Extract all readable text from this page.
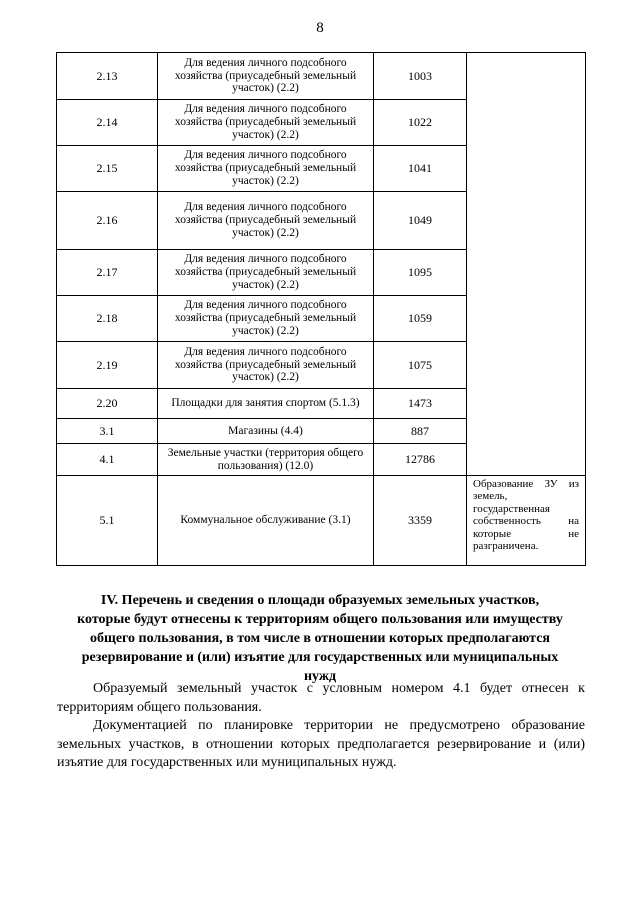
8
2.13	Для ведения личного подсобного хозяйства (приусадебный земельный участок) (2.2)	1003	
2.14	Для ведения личного подсобного хозяйства (приусадебный земельный участок) (2.2)	1022	
2.15	Для ведения личного подсобного хозяйства (приусадебный земельный участок) (2.2)	1041	
2.16	Для ведения личного подсобного хозяйства (приусадебный земельный участок) (2.2)	1049	
2.17	Для ведения личного подсобного хозяйства (приусадебный земельный участок) (2.2)	1095	
2.18	Для ведения личного подсобного хозяйства (приусадебный земельный участок) (2.2)	1059	
2.19	Для ведения личного подсобного хозяйства (приусадебный земельный участок) (2.2)	1075	
2.20	Площадки для занятия спортом (5.1.3)	1473	
3.1	Магазины (4.4)	887	
4.1	Земельные участки (территория общего пользования) (12.0)	12786	
5.1	Коммунальное обслуживание (3.1)	3359	Образование ЗУ из земель, государственная собственность на которые не разграничена.
IV. Перечень и сведения о площади образуемых земельных участков, которые будут отнесены к территориям общего пользования или имуществу общего пользования, в том числе в отношении которых предполагаются резервирование и (или) изъятие для государственных или муниципальных нужд
Образуемый земельный участок с условным номером 4.1 будет отнесен к территориям общего пользования.
Документацией по планировке территории не предусмотрено образование земельных участков, в отношении которых предполагается резервирование и (или) изъятие для государственных или муниципальных нужд.
